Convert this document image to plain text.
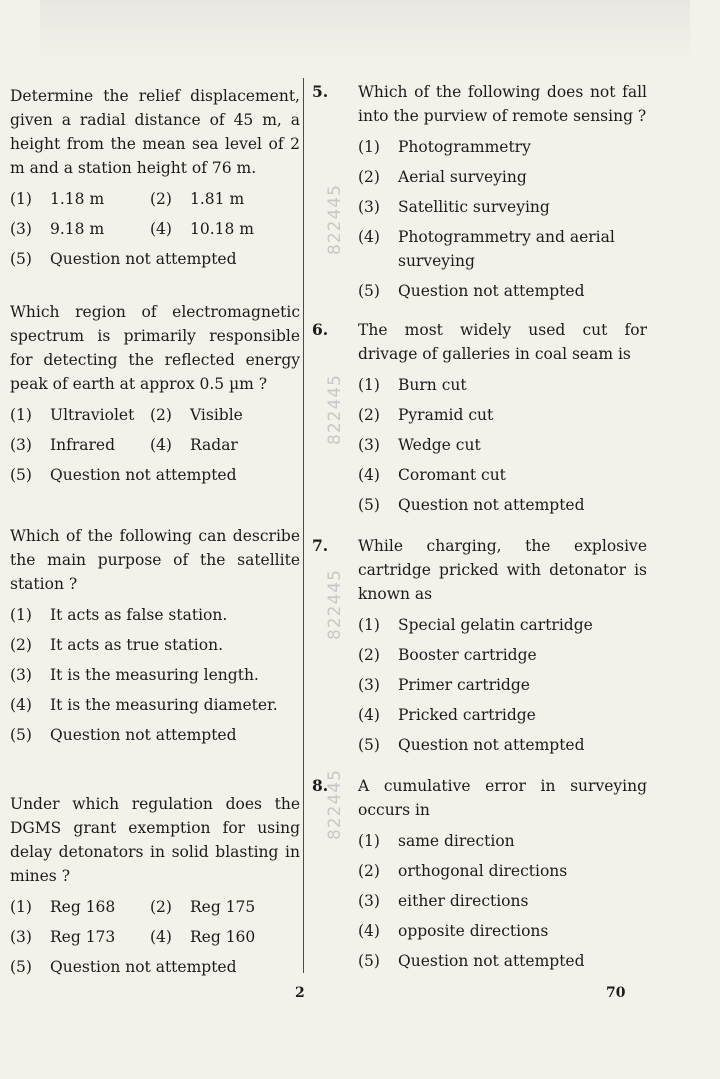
822445
822445
822445
822445
Determine the relief displacement, given a radial distance of 45 m, a height from the mean sea level of 2 m and a station height of 76 m.
(1)	1.18 m	(2)	1.81 m
(3)	9.18 m	(4)	10.18 m
(5)	Question not attempted
Which region of electromagnetic spectrum is primarily responsible for detecting the reflected energy peak of earth at approx 0.5 µm ?
(1)	Ultraviolet (2)	Visible
(3)	Infrared (4)	Radar
(5)	Question not attempted
Which of the following can describe the main purpose of the satellite station ?
(1)	It acts as false station.
(2)	It acts as true station.
(3)	It is the measuring length.
(4)	It is the measuring diameter.
(5)	Question not attempted
Under which regulation does the DGMS grant exemption for using delay detonators in solid blasting in mines ?
(1)	Reg 168 (2)	Reg 175
(3)	Reg 173 (4)	Reg 160
(5)	Question not attempted
5.	Which of the following does not fall into the purview of remote sensing ?
(1)	Photogrammetry
(2)	Aerial surveying
(3)	Satellitic surveying
(4)	Photogrammetry and aerial surveying
(5)	Question not attempted
6.	The most widely used cut for drivage of galleries in coal seam is
(1)	Burn cut
(2)	Pyramid cut
(3)	Wedge cut
(4)	Coromant cut
(5)	Question not attempted
7.	While charging, the explosive cartridge pricked with detonator is known as
(1)	Special gelatin cartridge
(2)	Booster cartridge
(3)	Primer cartridge
(4)	Pricked cartridge
(5)	Question not attempted
8.	A cumulative error in surveying occurs in
(1)	same direction
(2)	orthogonal directions
(3)	either directions
(4)	opposite directions
(5)	Question not attempted
2	70
